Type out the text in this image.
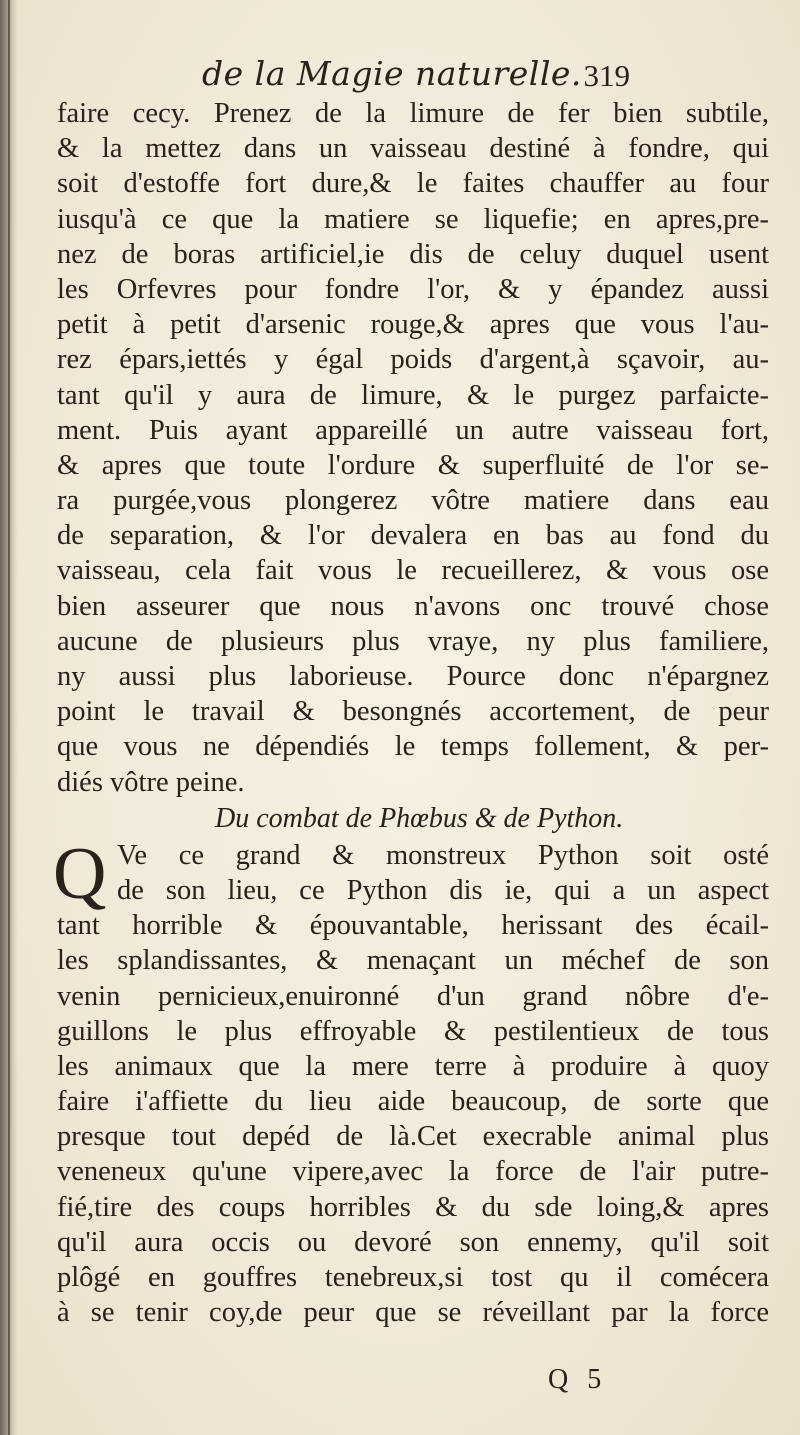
de la Magie naturelle. 319
faire cecy. Prenez de la limure de fer bien subtile,
& la mettez dans un vaisseau destiné à fondre, qui
soit d'estoffe fort dure,& le faites chauffer au four
iusqu'à ce que la matiere se liquefie; en apres,pre-
nez de boras artificiel,ie dis de celuy duquel usent
les Orfevres pour fondre l'or, & y épandez aussi
petit à petit d'arsenic rouge,& apres que vous l'au-
rez épars,iettés y égal poids d'argent,à sçavoir, au-
tant qu'il y aura de limure, & le purgez parfaicte-
ment. Puis ayant appareillé un autre vaisseau fort,
& apres que toute l'ordure & superfluité de l'or se-
ra purgée,vous plongerez vôtre matiere dans eau
de separation, & l'or devalera en bas au fond du
vaisseau, cela fait vous le recueillerez, & vous ose
bien asseurer que nous n'avons onc trouvé chose
aucune de plusieurs plus vraye, ny plus familiere,
ny aussi plus laborieuse. Pource donc n'épargnez
point le travail & besongnés accortement, de peur
que vous ne dépendiés le temps follement, & per-
diés vôtre peine.
Du combat de Phœbus & de Python.
Q Ve ce grand & monstreux Python soit osté
de son lieu, ce Python dis ie, qui a un aspect
tant horrible & épouvantable, herissant des écail-
les splandissantes, & menaçant un méchef de son
venin pernicieux,enuironné d'un grand nôbre d'e-
guillons le plus effroyable & pestilentieux de tous
les animaux que la mere terre à produire à quoy
faire i'affiette du lieu aide beaucoup, de sorte que
presque tout depéd de là.Cet execrable animal plus
veneneux qu'une vipere,avec la force de l'air putre-
fié,tire des coups horribles & du sde loing,& apres
qu'il aura occis ou devoré son ennemy, qu'il soit
plôgé en gouffres tenebreux,si tost qu il comécera
à se tenir coy,de peur que se réveillant par la force
Q 5
